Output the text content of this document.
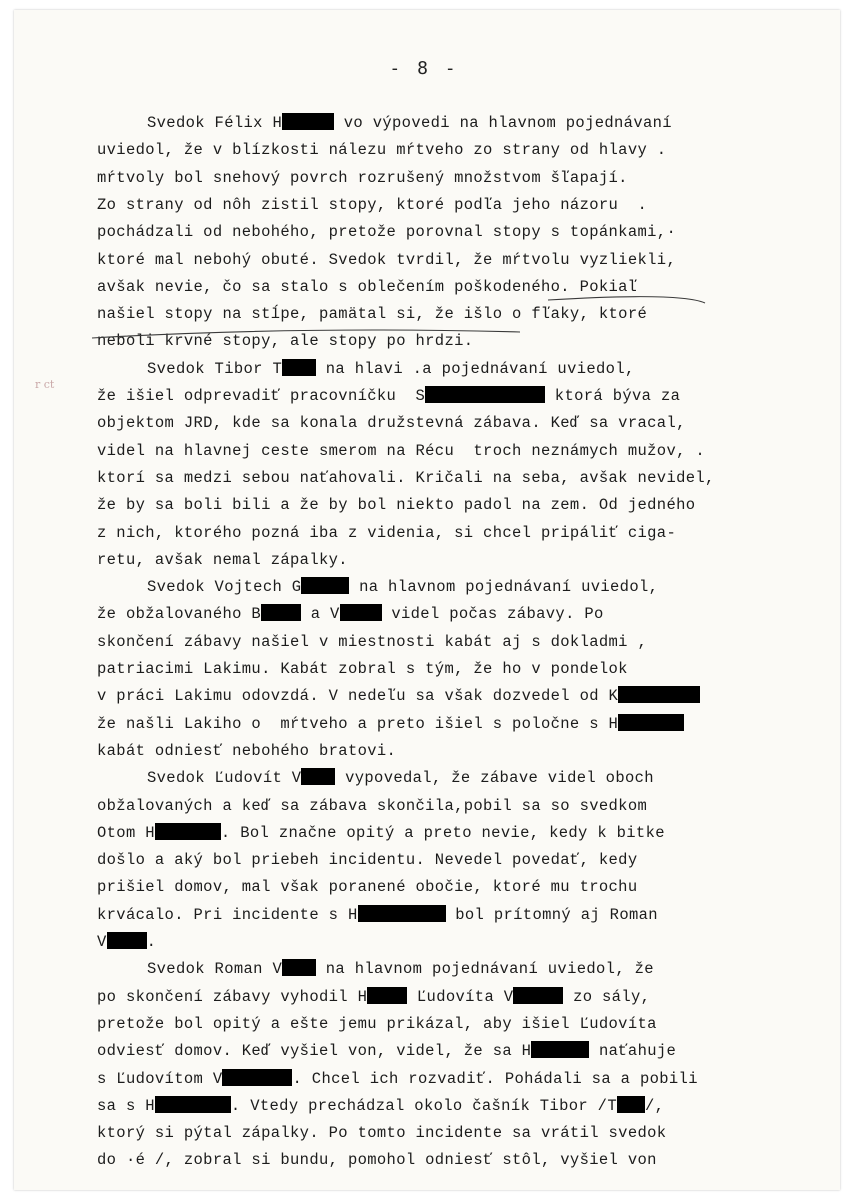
- 8 -
r ct
Svedok Félix H	vo výpovedi na hlavnom pojednávaní
uviedol, že v blízkosti nálezu mŕtveho zo strany od hlavy .
mŕtvoly bol snehový povrch rozrušený množstvom šľapají.
Zo strany od nôh zistil stopy, ktoré podľa jeho názoru  .
pochádzali od nebohého, pretože porovnal stopy s topánkami,·
ktoré mal nebohý obuté. Svedok tvrdil, že mŕtvolu vyzliekli,
avšak nevie, čo sa stalo s oblečením poškodeného. Pokiaľ
našiel stopy na stĺpe, pamätal si, že išlo o fľaky, ktoré
neboli krvné stopy, ale stopy po hrdzi.
Svedok Tibor T na hlavi .a pojednávaní uviedol,
že išiel odprevadiť pracovníčku  S	ktorá býva za
objektom JRD, kde sa konala družstevná zábava. Keď sa vracal,
videl na hlavnej ceste smerom na Récu  troch neznámych mužov, .
ktorí sa medzi sebou naťahovali. Kričali na seba, avšak nevidel,
že by sa boli bili a že by bol niekto padol na zem. Od jedného
z nich, ktorého pozná iba z videnia, si chcel pripáliť ciga-
retu, avšak nemal zápalky.
Svedok Vojtech G	na hlavnom pojednávaní uviedol,
že obžalovaného B	a V	videl počas zábavy. Po
skončení zábavy našiel v miestnosti kabát aj s dokladmi ,
patriacimi Lakimu. Kabát zobral s tým, že ho v pondelok
v práci Lakimu odovzdá. V nedeľu sa však dozvedel od K
že našli Lakiho o  mŕtveho a preto išiel s poločne s H
kabát odniesť nebohého bratovi.
Svedok Ľudovít V vypovedal, že zábave videl oboch
obžalovaných a keď sa zábava skončila,pobil sa so svedkom
Otom H	. Bol značne opitý a preto nevie, kedy k bitke
došlo a aký bol priebeh incidentu. Nevedel povedať, kedy
prišiel domov, mal však poranené obočie, ktoré mu trochu
krvácalo. Pri incidente s H	bol prítomný aj Roman
V	.
Svedok Roman V na hlavnom pojednávaní uviedol, že
po skončení zábavy vyhodil H	Ľudovíta V	zo sály,
pretože bol opitý a ešte jemu prikázal, aby išiel Ľudovíta
odviesť domov. Keď vyšiel von, videl, že sa H	naťahuje
s Ľudovítom V	. Chcel ich rozvadiť. Pohádali sa a pobili
sa s H	. Vtedy prechádzal okolo čašník Tibor /T /,
ktorý si pýtal zápalky. Po tomto incidente sa vrátil svedok
do ·é /, zobral si bundu, pomohol odniesť stôl, vyšiel von
